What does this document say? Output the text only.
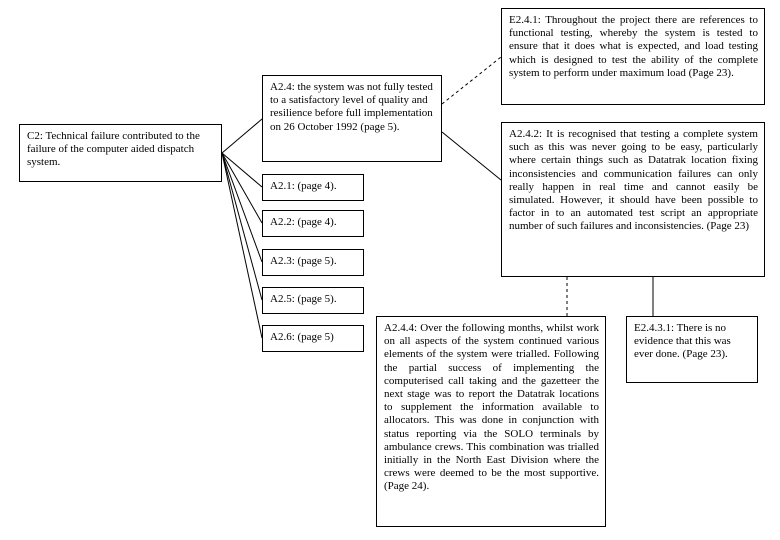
C2: Technical failure contributed to the failure of the computer aided dispatch system.
A2.4: the system was not fully tested to a satisfactory level of quality and resilience before full implementation on 26 October 1992 (page 5).
A2.1: (page 4).
A2.2: (page 4).
A2.3: (page 5).
A2.5: (page 5).
A2.6: (page 5)
E2.4.1: Throughout the project there are references to functional testing, whereby the system is tested to ensure that it does what is expected, and load testing which is designed to test the ability of the complete system to perform under maximum load (Page 23).
A2.4.2: It is recognised that testing a complete system such as this was never going to be easy, particularly where certain things such as Datatrak location fixing inconsistencies and communication failures can only really happen in real time and cannot easily be simulated. However, it should have been possible to factor in to an automated test script an appropriate number of such failures and inconsistencies. (Page 23)
A2.4.4: Over the following months, whilst work on all aspects of the system continued various elements of the system were trialled. Following the partial success of implementing the computerised call taking and the gazetteer the next stage was to report the Datatrak locations to supplement the information available to allocators. This was done in conjunction with status reporting via the SOLO terminals by ambulance crews. This combination was trialled initially in the North East Division where the crews were deemed to be the most supportive. (Page 24).
E2.4.3.1: There is no evidence that this was ever done. (Page 23).
